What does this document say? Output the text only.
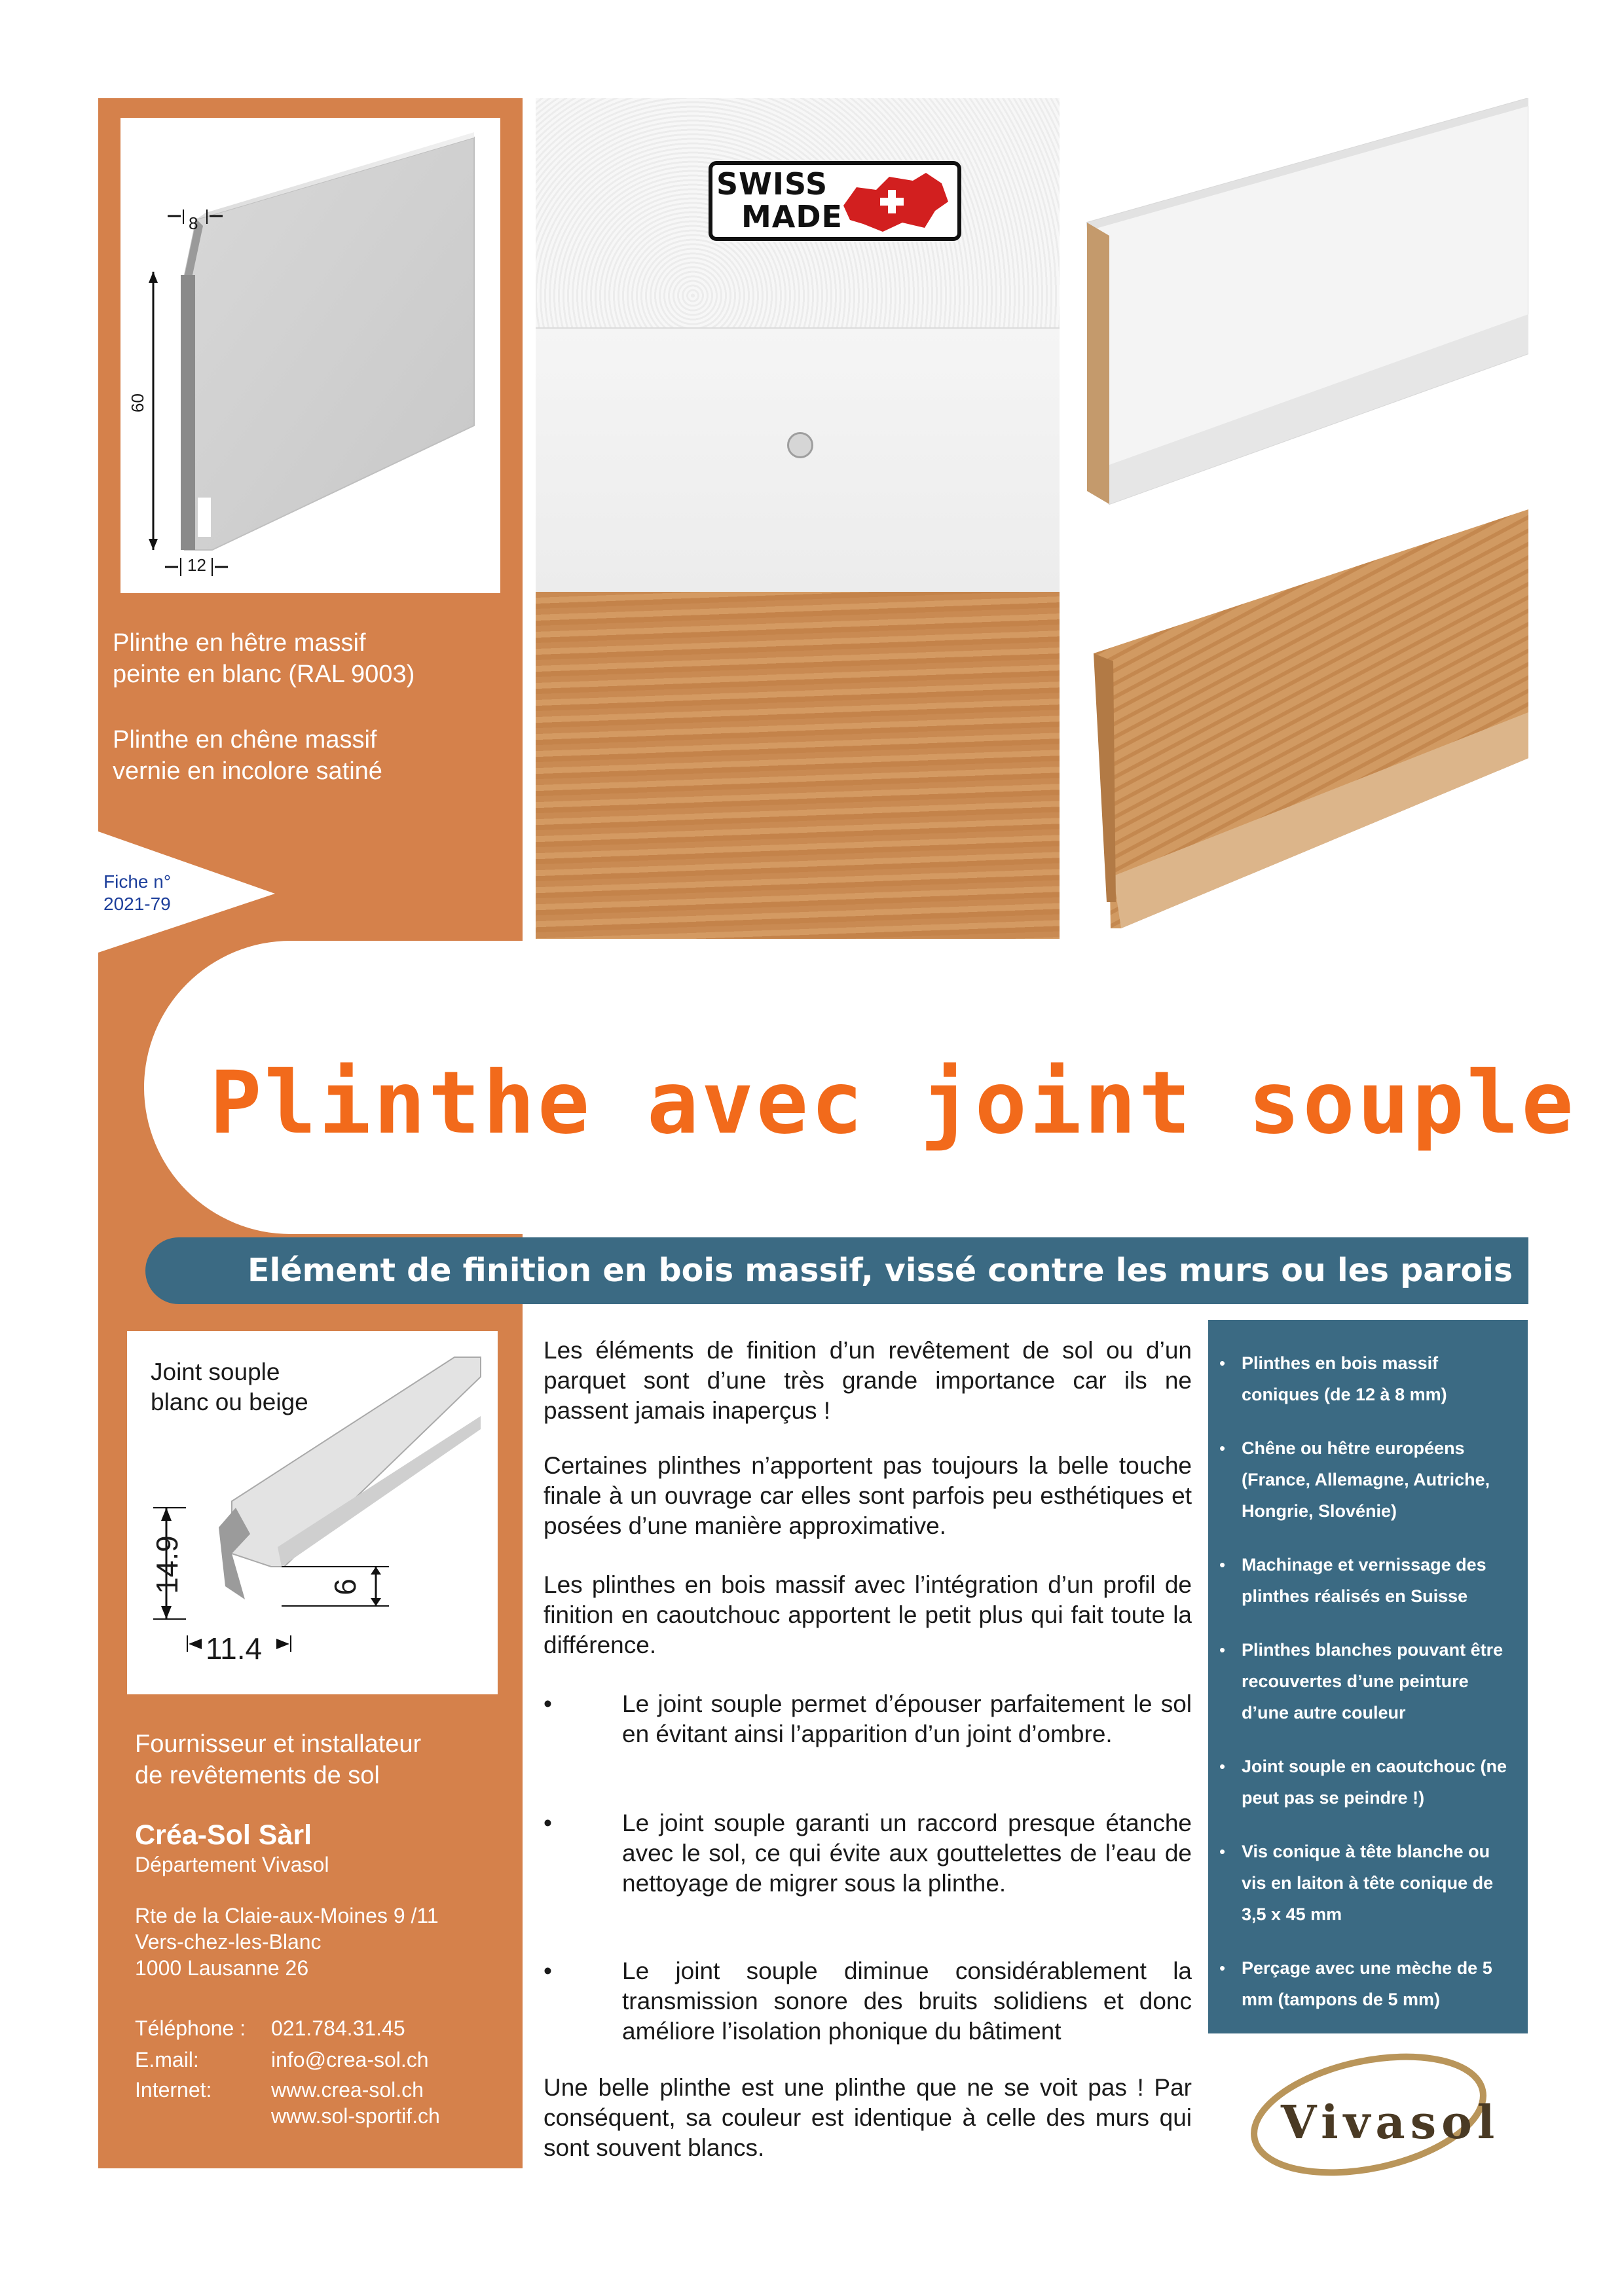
Fiche n°
2021-79
8
60
12
Plinthe en hêtre massif
peinte en blanc (RAL 9003)
Plinthe en chêne massif
vernie en incolore satiné
SWISS
MADE
Plinthe avec joint souple
Elément de finition en bois massif, vissé contre les murs ou les parois
Joint souple
blanc ou beige
14.9
11.4
6
Les éléments de finition d’un revêtement de sol ou d’un parquet sont d’une très grande importance car ils ne passent jamais inaperçus !
Certaines plinthes n’apportent pas toujours la belle touche finale à un ouvrage car elles sont parfois peu esthétiques et posées d’une manière approximative.
Les plinthes en bois massif avec l’intégration d’un profil de finition en caoutchouc apportent le petit plus qui fait toute la différence.
•	Le joint souple permet d’épouser parfaitement le sol en évitant ainsi l’apparition d’un joint d’ombre.
•	Le joint souple garanti un raccord presque étanche avec le sol, ce qui évite aux gouttelettes de l’eau de nettoyage de migrer sous la plinthe.
•	Le joint souple diminue considérablement la transmission sonore des bruits solidiens et donc améliore l’isolation phonique du bâtiment
Une belle plinthe est une plinthe que ne se voit pas ! Par conséquent, sa couleur est identique à celle des murs qui sont souvent blancs.
• Plinthes en bois massif coniques (de 12 à 8 mm)
• Chêne ou hêtre européens (France, Allemagne, Autriche, Hongrie, Slovénie)
• Machinage et vernissage des plinthes réalisés en Suisse
• Plinthes blanches pouvant être recouvertes d’une peinture d’une autre couleur
• Joint souple en caoutchouc (ne peut pas se peindre !)
• Vis conique à tête blanche ou vis en laiton à tête conique de 3,5 x 45 mm
• Perçage avec une mèche de 5 mm (tampons de 5 mm)
Fournisseur et installateur
de revêtements de sol
Créa-Sol Sàrl
Département Vivasol
Rte de la Claie-aux-Moines 9 /11
Vers-chez-les-Blanc
1000 Lausanne 26
Téléphone : 021.784.31.45
E.mail:	info@crea-sol.ch
Internet:	www.crea-sol.ch
www.sol-sportif.ch	Vivasol
